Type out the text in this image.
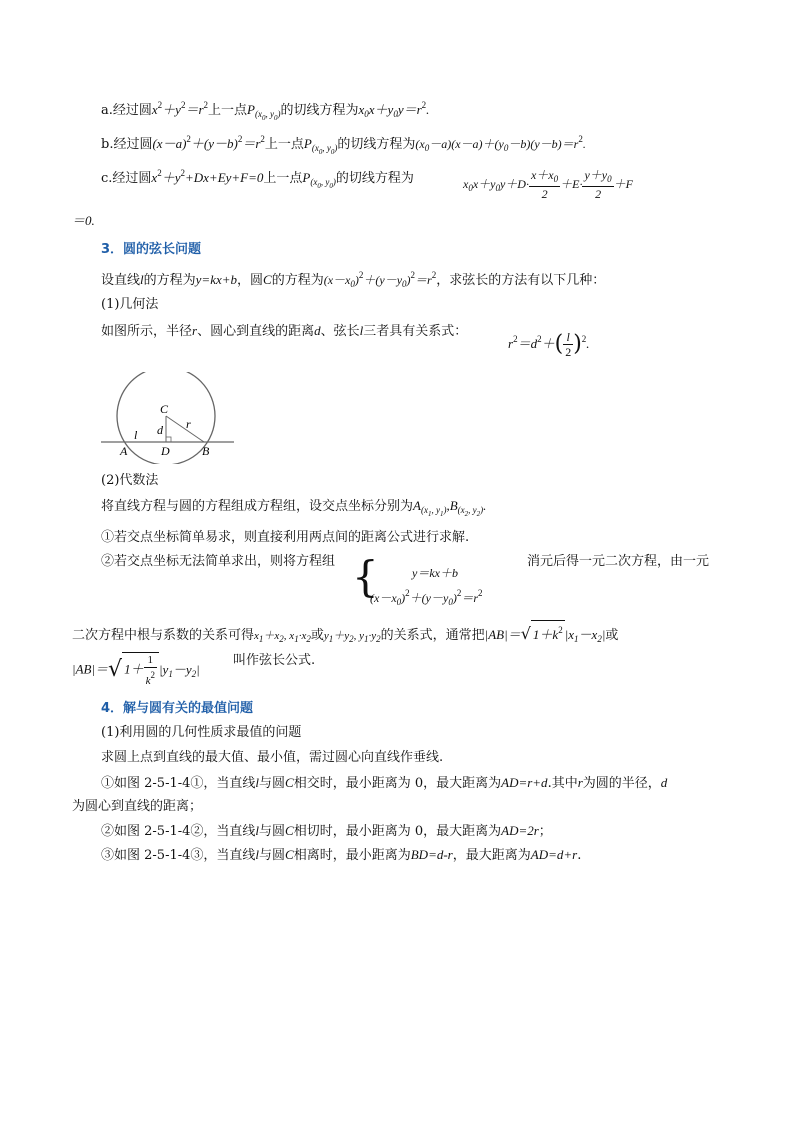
a.经过圆$x^2+y^2=r^2$上一点$P_{(x_0, y_0)}$的切线方程为$x_0x+y_0y=r^2$.
b.经过圆$(x-a)^2+(y-b)^2=r^2$上一点$P_{(x_0, y_0)}$的切线方程为$(x_0-a)(x-a)+(y_0-b)(y-b)=r^2$.
c.经过圆$x^2+y^2+Dx+Ey+F=0$上一点$P_{(x_0, y_0)}$的切线方程为	$x_0x+y_0y+D\cdot \frac{x+x_0}{2} +E\cdot \frac{y+y_0}{2} +F$
＝0.
3．圆的弦长问题
设直线l的方程为y=kx+b，圆C的方程为$(x-x_0)^2+(y-y_0)^2=r^2$，求弦长的方法有以下几种：
(1)几何法
如图所示，半径r、圆心到直线的距离d、弦长l三者具有关系式：
$r^2=d^2+( \frac{l}{2} )^2$.
C
d r
l
A	D	B
(2)代数法
将直线方程与圆的方程组成方程组，设交点坐标分别为$A_{(x_1, y_1)},B_{(x_2, y_2)}$.
①若交点坐标简单易求，则直接利用两点间的距离公式进行求解.
②若交点坐标无法简单求出，则将方程组 {	y＝kx＋b
$(x-x_0)^2+(y-y_0)^2=r^2$
消元后得一元二次方程，由一元
二次方程中根与系数的关系可得$x_1+x_2$, $x_1\cdot x_2$或$y_1+y_2$, $y_1\cdot y_2$的关系式，通常把|AB|＝√ $1+k^2$ $|x_1-x_2|$或
|AB|＝√ $1+ \frac{1}{k^2} |y_1-y_2|$
叫作弦长公式.
4．解与圆有关的最值问题
(1)利用圆的几何性质求最值的问题
求圆上点到直线的最大值、最小值，需过圆心向直线作垂线.
①如图 2-5-1-4①，当直线l与圆C相交时，最小距离为 0，最大距离为AD=r+d.其中r为圆的半径，d
为圆心到直线的距离；
②如图 2-5-1-4②，当直线l与圆C相切时，最小距离为 0，最大距离为AD=2r；
③如图 2-5-1-4③，当直线l与圆C相离时，最小距离为BD=d-r，最大距离为AD=d+r.
